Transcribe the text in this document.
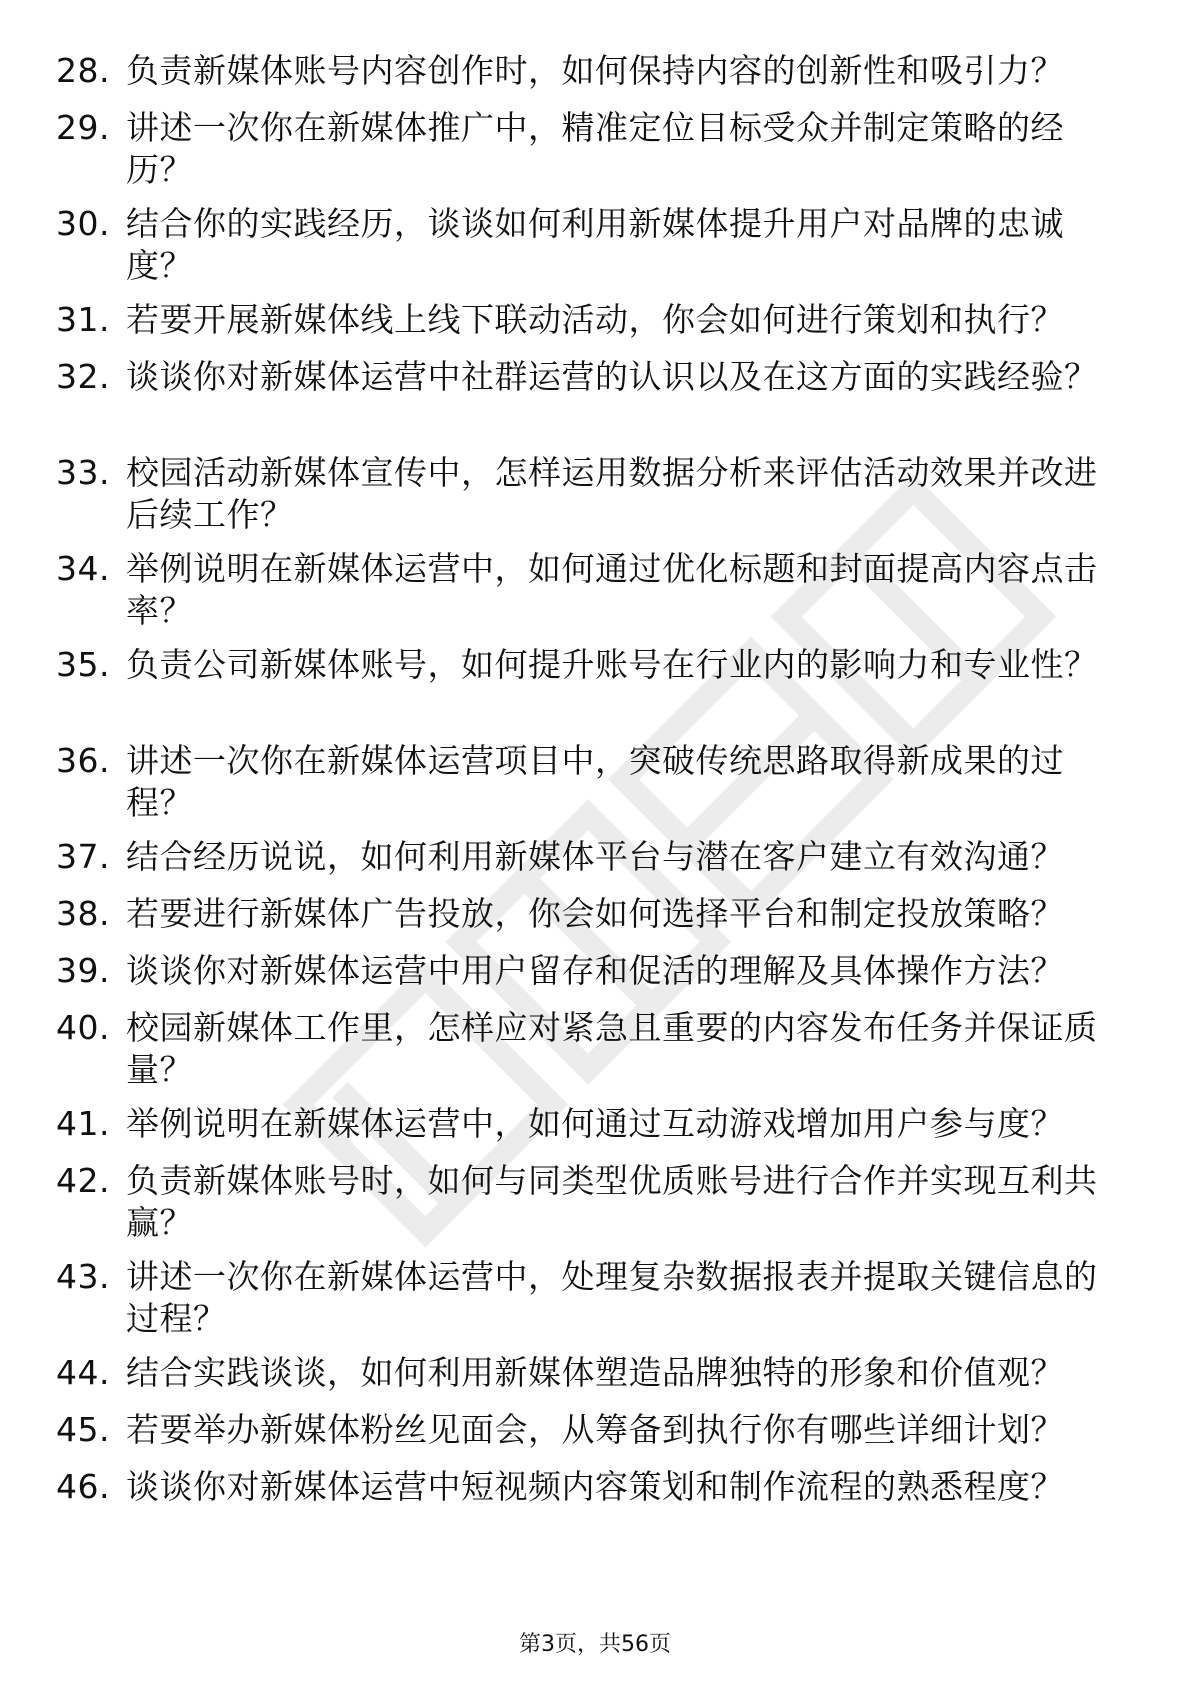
28. 负责新媒体账号内容创作时，如何保持内容的创新性和吸引力？
29. 讲述一次你在新媒体推广中，精准定位目标受众并制定策略的经历？
30. 结合你的实践经历，谈谈如何利用新媒体提升用户对品牌的忠诚度？
31. 若要开展新媒体线上线下联动活动，你会如何进行策划和执行？
32. 谈谈你对新媒体运营中社群运营的认识以及在这方面的实践经验？
33. 校园活动新媒体宣传中，怎样运用数据分析来评估活动效果并改进后续工作？
34. 举例说明在新媒体运营中，如何通过优化标题和封面提高内容点击率？
35. 负责公司新媒体账号，如何提升账号在行业内的影响力和专业性？
36. 讲述一次你在新媒体运营项目中，突破传统思路取得新成果的过程？
37. 结合经历说说，如何利用新媒体平台与潜在客户建立有效沟通？
38. 若要进行新媒体广告投放，你会如何选择平台和制定投放策略？
39. 谈谈你对新媒体运营中用户留存和促活的理解及具体操作方法？
40. 校园新媒体工作里，怎样应对紧急且重要的内容发布任务并保证质量？
41. 举例说明在新媒体运营中，如何通过互动游戏增加用户参与度？
42. 负责新媒体账号时，如何与同类型优质账号进行合作并实现互利共赢？
43. 讲述一次你在新媒体运营中，处理复杂数据报表并提取关键信息的过程？
44. 结合实践谈谈，如何利用新媒体塑造品牌独特的形象和价值观？
45. 若要举办新媒体粉丝见面会，从筹备到执行你有哪些详细计划？
46. 谈谈你对新媒体运营中短视频内容策划和制作流程的熟悉程度？
第3页，共56页
